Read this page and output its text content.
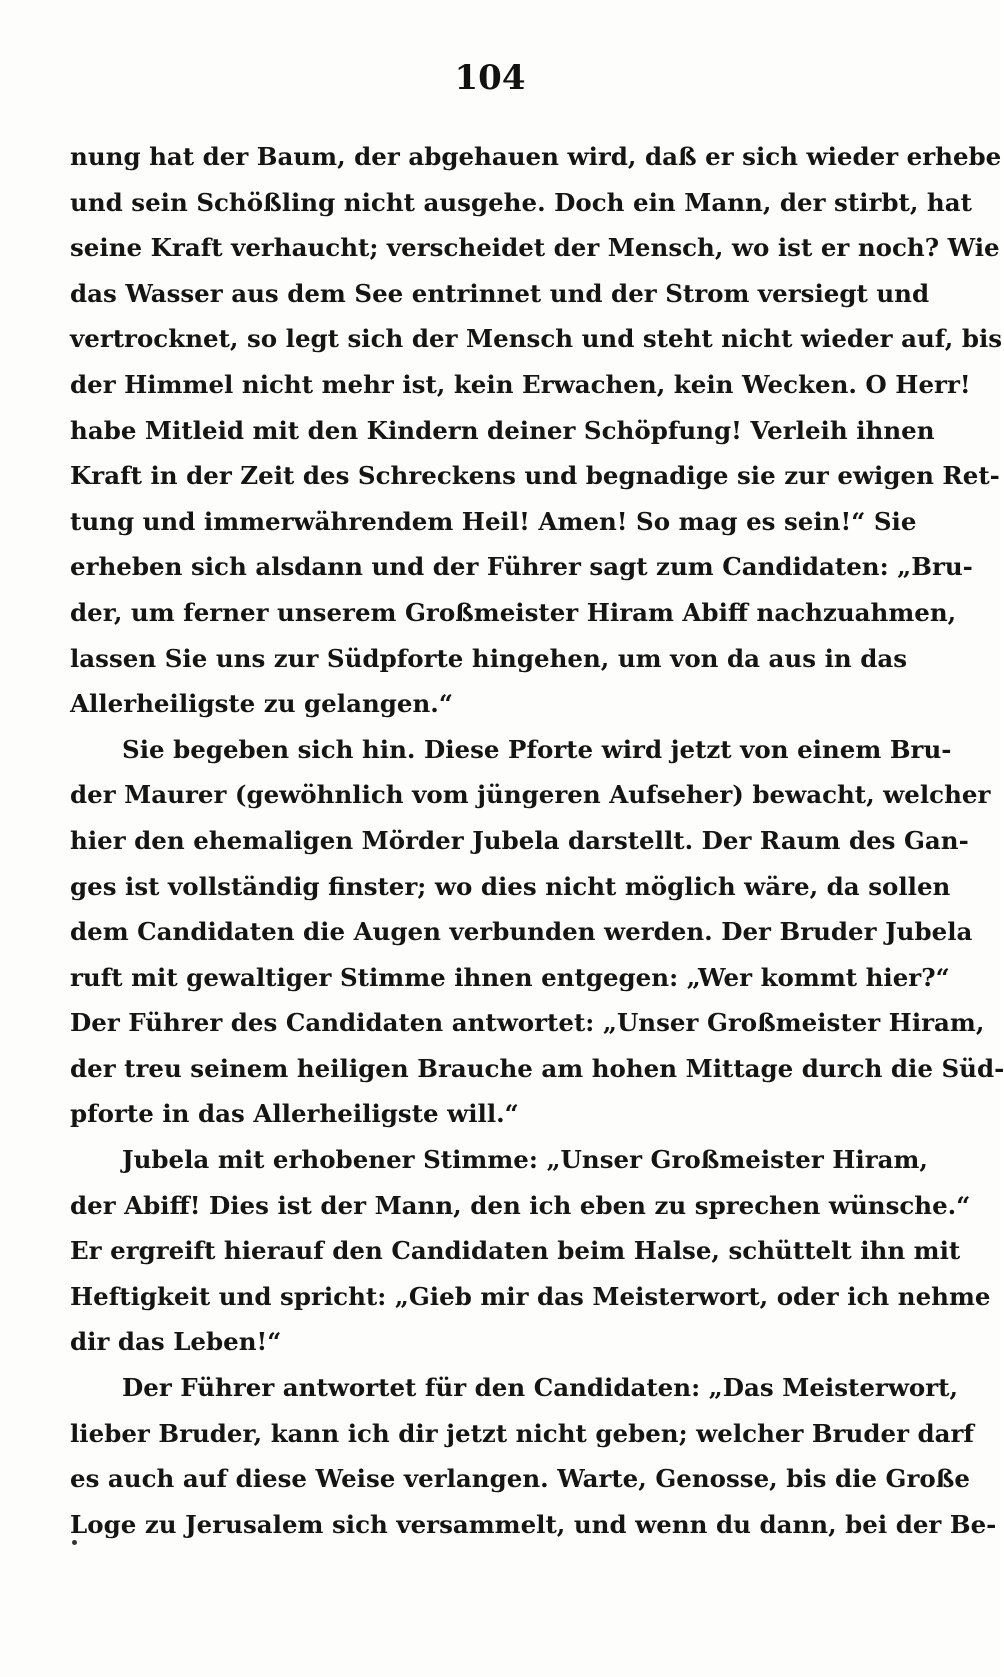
104
nung hat der Baum, der abgehauen wird, daß er sich wieder erhebe
und sein Schößling nicht ausgehe. Doch ein Mann, der stirbt, hat
seine Kraft verhaucht; verscheidet der Mensch, wo ist er noch? Wie
das Wasser aus dem See entrinnet und der Strom versiegt und
vertrocknet, so legt sich der Mensch und steht nicht wieder auf, bis
der Himmel nicht mehr ist, kein Erwachen, kein Wecken. O Herr!
habe Mitleid mit den Kindern deiner Schöpfung! Verleih ihnen
Kraft in der Zeit des Schreckens und begnadige sie zur ewigen Ret-
tung und immerwährendem Heil! Amen! So mag es sein!“ Sie
erheben sich alsdann und der Führer sagt zum Candidaten: „Bru-
der, um ferner unserem Großmeister Hiram Abiff nachzuahmen,
lassen Sie uns zur Südpforte hingehen, um von da aus in das
Allerheiligste zu gelangen.“
Sie begeben sich hin. Diese Pforte wird jetzt von einem Bru-
der Maurer (gewöhnlich vom jüngeren Aufseher) bewacht, welcher
hier den ehemaligen Mörder Jubela darstellt. Der Raum des Gan-
ges ist vollständig finster; wo dies nicht möglich wäre, da sollen
dem Candidaten die Augen verbunden werden. Der Bruder Jubela
ruft mit gewaltiger Stimme ihnen entgegen: „Wer kommt hier?“
Der Führer des Candidaten antwortet: „Unser Großmeister Hiram,
der treu seinem heiligen Brauche am hohen Mittage durch die Süd-
pforte in das Allerheiligste will.“
Jubela mit erhobener Stimme: „Unser Großmeister Hiram,
der Abiff! Dies ist der Mann, den ich eben zu sprechen wünsche.“
Er ergreift hierauf den Candidaten beim Halse, schüttelt ihn mit
Heftigkeit und spricht: „Gieb mir das Meisterwort, oder ich nehme
dir das Leben!“
Der Führer antwortet für den Candidaten: „Das Meisterwort,
lieber Bruder, kann ich dir jetzt nicht geben; welcher Bruder darf
es auch auf diese Weise verlangen. Warte, Genosse, bis die Große
Loge zu Jerusalem sich versammelt, und wenn du dann, bei der Be-
